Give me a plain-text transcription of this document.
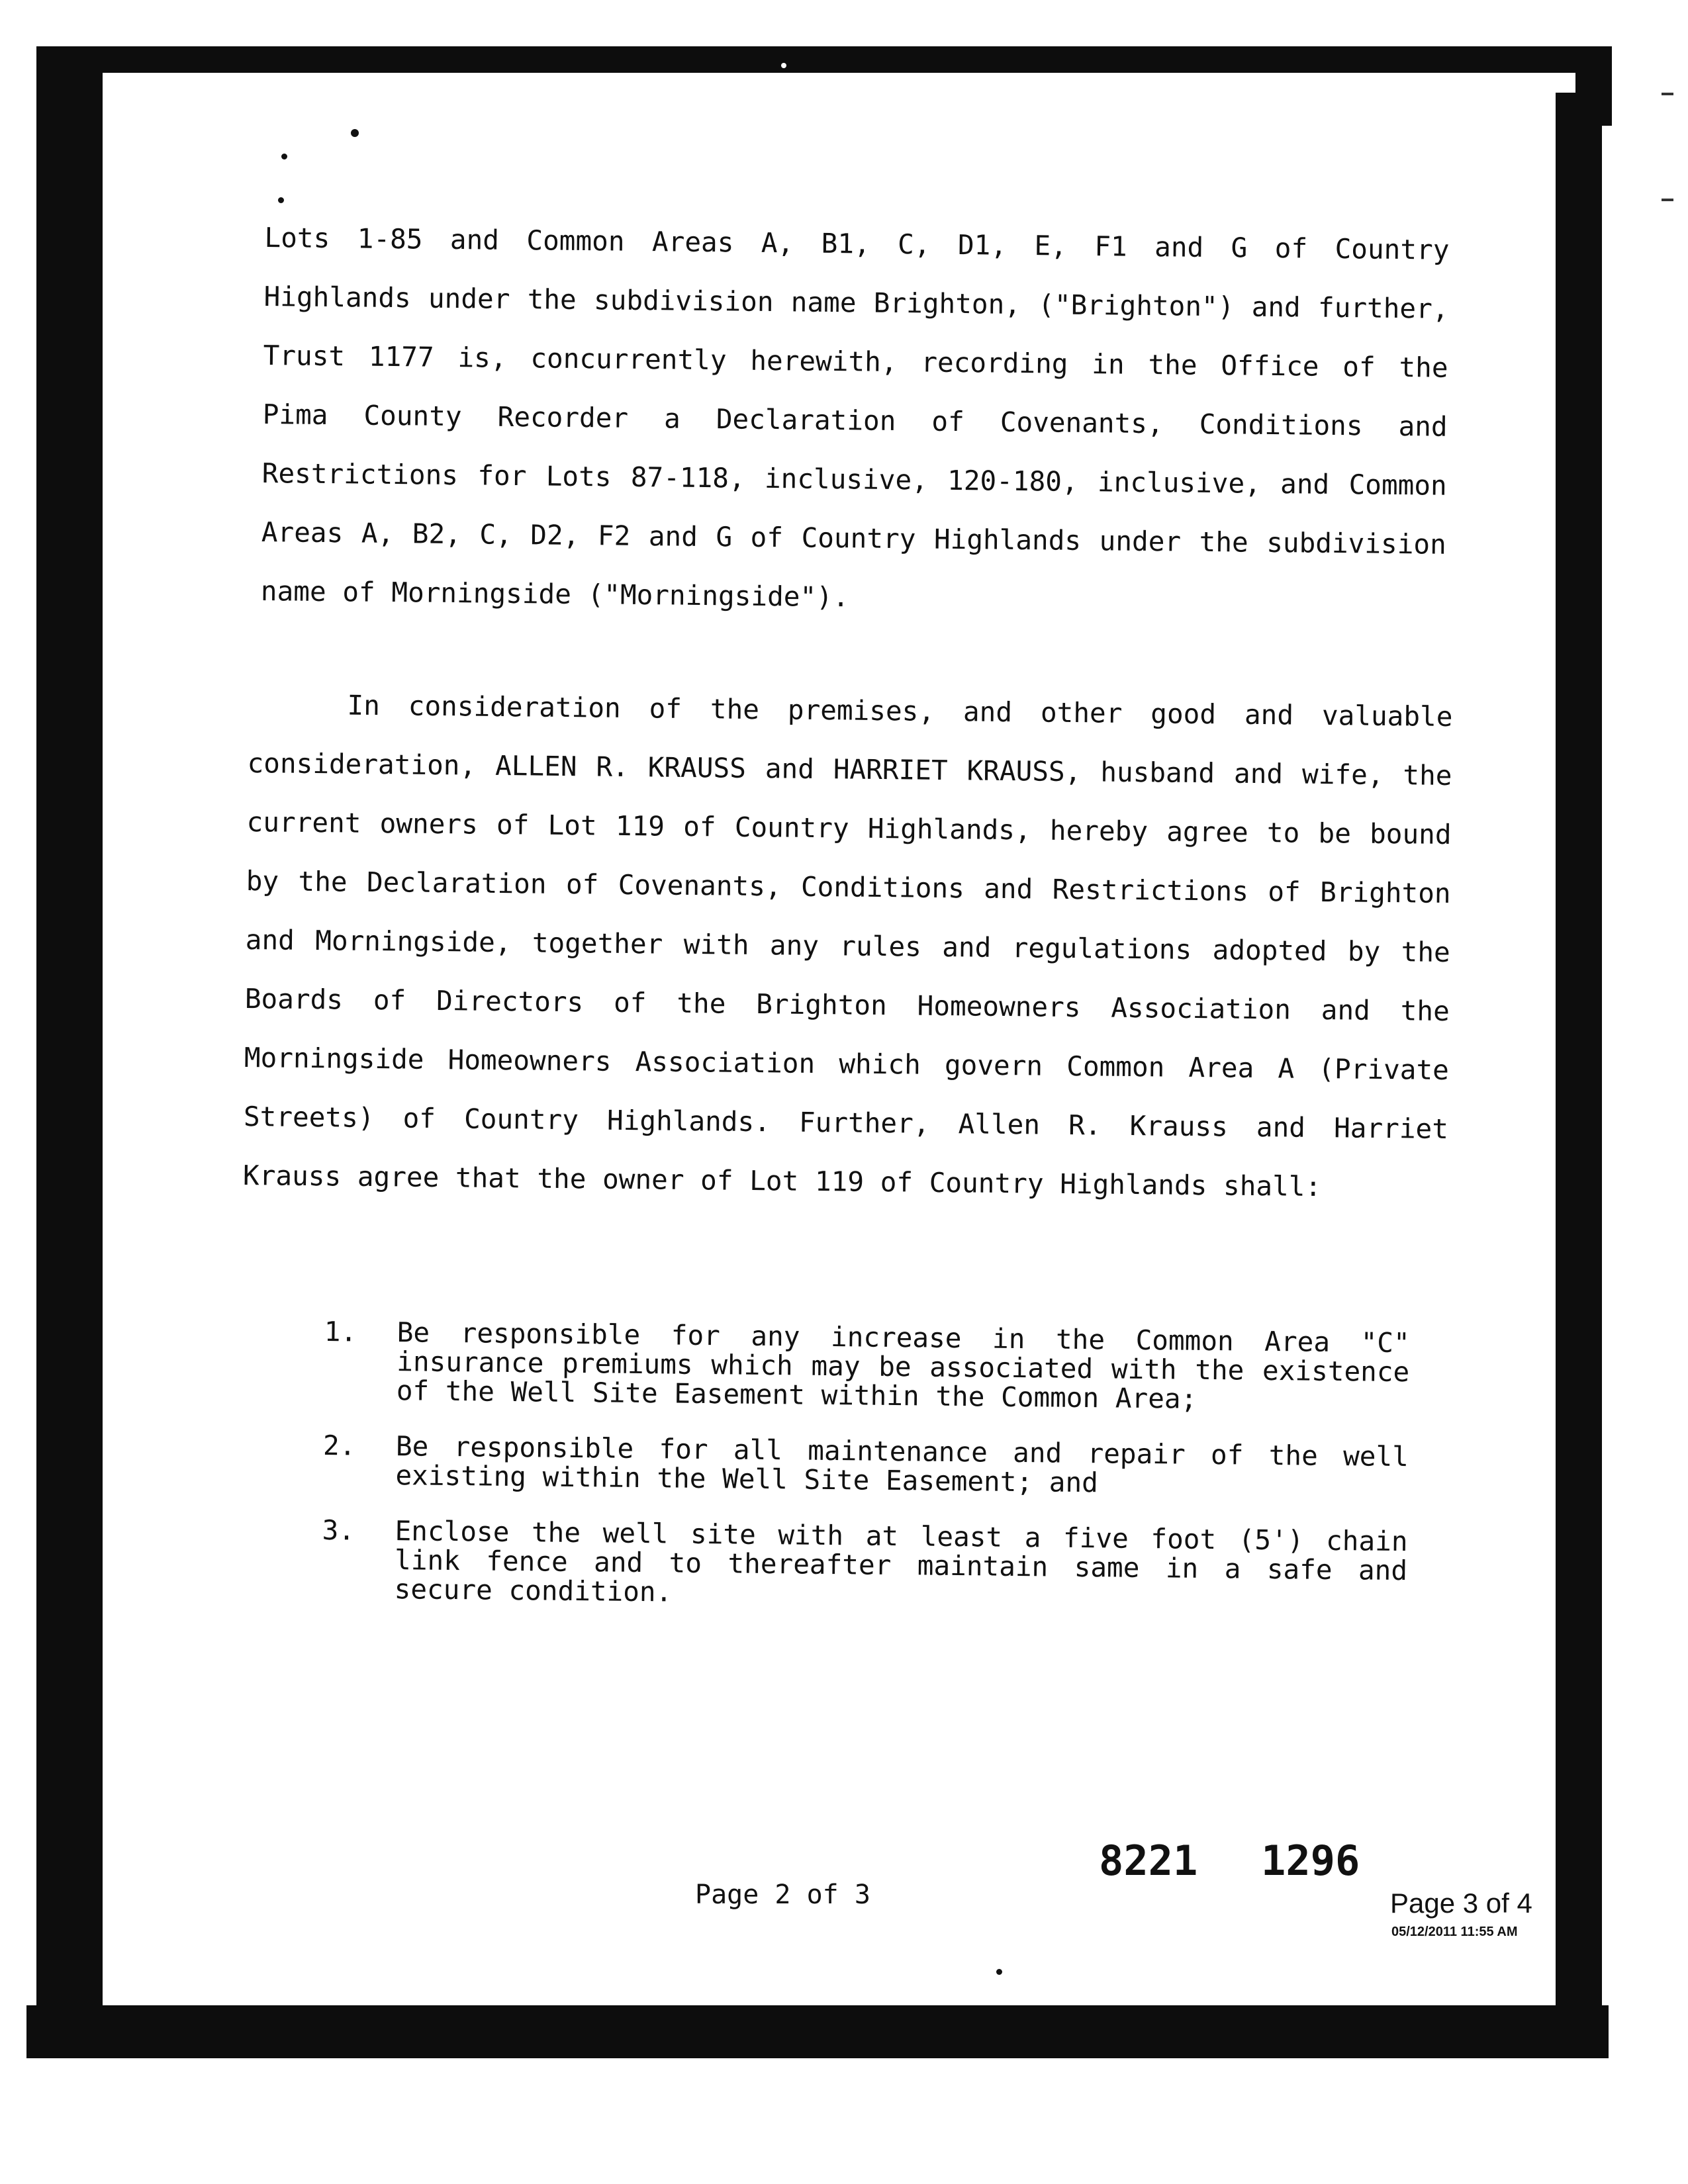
Lots 1-85 and Common Areas A, B1, C, D1, E, F1 and G of Country Highlands under the subdivision name Brighton, ("Brighton") and further, Trust 1177 is, concurrently herewith, recording in the Office of the Pima County Recorder a Declaration of Covenants, Conditions and Restrictions for Lots 87-118, inclusive, 120-180, inclusive, and Common Areas A, B2, C, D2, F2 and G of Country Highlands under the subdivision name of Morningside ("Morningside").

In consideration of the premises, and other good and valuable consideration, ALLEN R. KRAUSS and HARRIET KRAUSS, husband and wife, the current owners of Lot 119 of Country Highlands, hereby agree to be bound by the Declaration of Covenants, Conditions and Restrictions of Brighton and Morningside, together with any rules and regulations adopted by the Boards of Directors of the Brighton Homeowners Association and the Morningside Homeowners Association which govern Common Area A (Private Streets) of Country Highlands. Further, Allen R. Krauss and Harriet Krauss agree that the owner of Lot 119 of Country Highlands shall:

1. Be responsible for any increase in the Common Area "C" insurance premiums which may be associated with the existence of the Well Site Easement within the Common Area;
2. Be responsible for all maintenance and repair of the well existing within the Well Site Easement; and
3. Enclose the well site with at least a five foot (5') chain link fence and to thereafter maintain same in a safe and secure condition.
8221 1296
Page 2 of 3	Page 3 of 4
05/12/2011 11:55 AM
